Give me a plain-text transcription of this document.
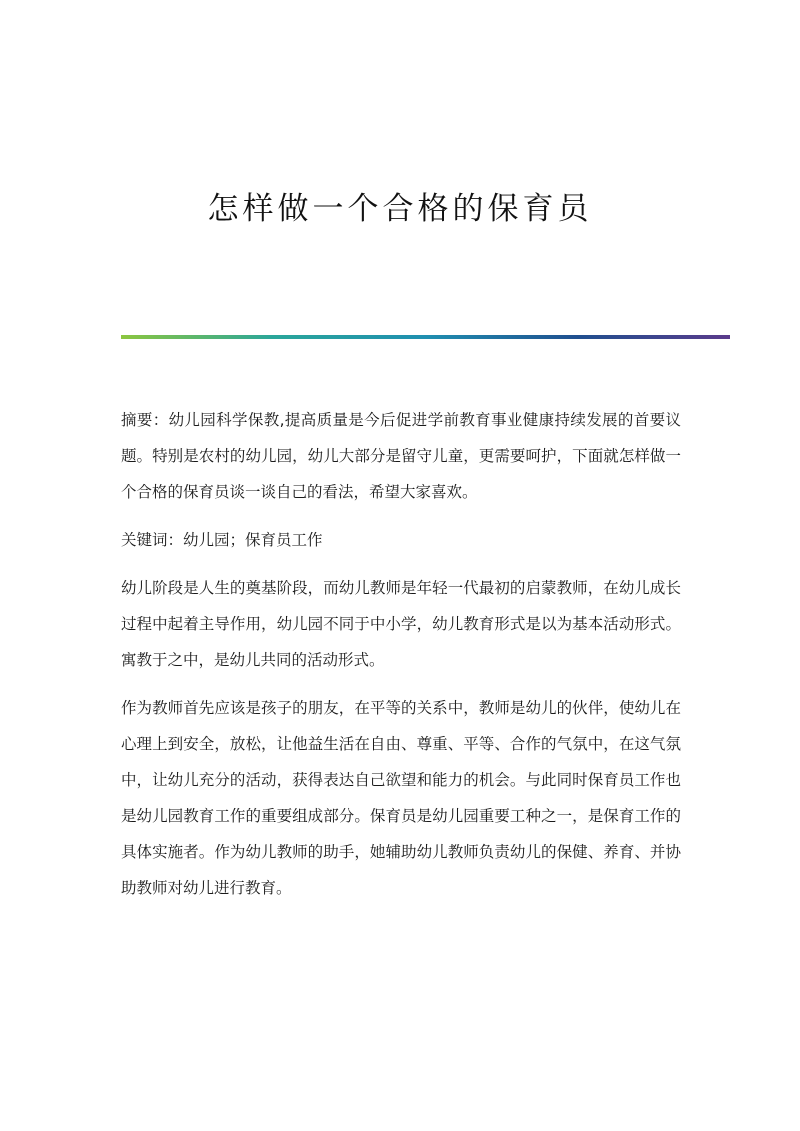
怎样做一个合格的保育员

摘要：幼儿园科学保教,提高质量是今后促进学前教育事业健康持续发展的首要议题。特别是农村的幼儿园，幼儿大部分是留守儿童，更需要呵护，下面就怎样做一个合格的保育员谈一谈自己的看法，希望大家喜欢。

关键词：幼儿园；保育员工作

幼儿阶段是人生的奠基阶段，而幼儿教师是年轻一代最初的启蒙教师，在幼儿成长过程中起着主导作用，幼儿园不同于中小学，幼儿教育形式是以为基本活动形式。寓教于之中，是幼儿共同的活动形式。

作为教师首先应该是孩子的朋友，在平等的关系中，教师是幼儿的伙伴，使幼儿在心理上到安全，放松，让他益生活在自由、尊重、平等、合作的气氛中，在这气氛中，让幼儿充分的活动，获得表达自己欲望和能力的机会。与此同时保育员工作也是幼儿园教育工作的重要组成部分。保育员是幼儿园重要工种之一，是保育工作的具体实施者。作为幼儿教师的助手，她辅助幼儿教师负责幼儿的保健、养育、并协助教师对幼儿进行教育。
